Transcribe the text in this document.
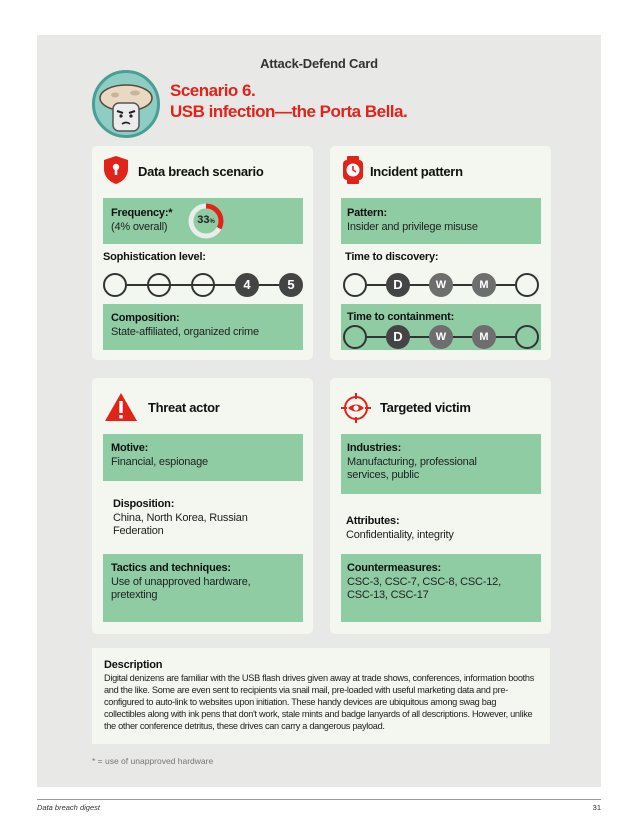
Attack-Defend Card
Scenario 6.
USB infection—the Porta Bella.
Data breach scenario
Frequency:*
(4% overall)
33%
Sophistication level:
4	5
Composition:
State-affiliated, organized crime
Incident pattern
Pattern:
Insider and privilege misuse
Time to discovery:
D	W	M
Time to containment:
D	W	M
Threat actor
Motive:
Financial, espionage
Disposition:
China, North Korea, Russian Federation
Tactics and techniques:
Use of unapproved hardware, pretexting
Targeted victim
Industries:
Manufacturing, professional services, public
Attributes:
Confidentiality, integrity
Countermeasures:
CSC-3, CSC-7, CSC-8, CSC-12, CSC-13, CSC-17
Description
Digital denizens are familiar with the USB flash drives given away at trade shows, conferences, information booths and the like. Some are even sent to recipients via snail mail, pre-loaded with useful marketing data and pre-configured to auto-link to websites upon initiation. These handy devices are ubiquitous among swag bag collectibles along with ink pens that don't work, stale mints and badge lanyards of all descriptions. However, unlike the other conference detritus, these drives can carry a dangerous payload.
* = use of unapproved hardware
Data breach digest	31
